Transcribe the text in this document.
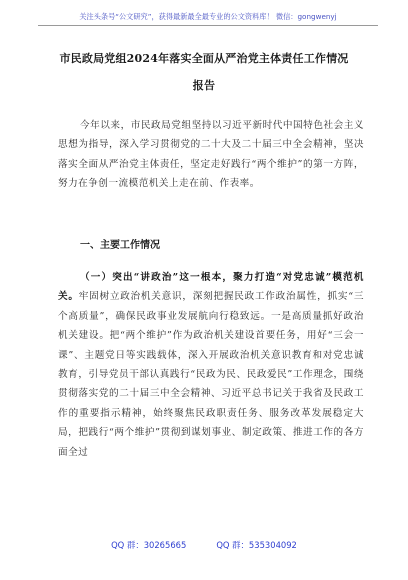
关注头条号“公文研究”，获得最新最全最专业的公文资料库！ 微信：gongwenyj
市民政局党组2024年落实全面从严治党主体责任工作情况
报告
今年以来，市民政局党组坚持以习近平新时代中国特色社会主义思想为指导，深入学习贯彻党的二十大及二十届三中全会精神，坚决落实全面从严治党主体责任，坚定走好践行“两个维护”的第一方阵，努力在争创一流模范机关上走在前、作表率。
一、主要工作情况
（一）突出“讲政治”这一根本，聚力打造“对党忠诚”模范机关。牢固树立政治机关意识，深刻把握民政工作政治属性，抓实“三个高质量”，确保民政事业发展航向行稳致远。一是高质量抓好政治机关建设。把“两个维护”作为政治机关建设首要任务，用好“三会一课”、主题党日等实践载体，深入开展政治机关意识教育和对党忠诚教育，引导党员干部认真践行“民政为民、民政爱民”工作理念，围绕贯彻落实党的二十届三中全会精神、习近平总书记关于我省及民政工作的重要指示精神，始终聚焦民政职责任务、服务改革发展稳定大局，把践行“两个维护”贯彻到谋划事业、制定政策、推进工作的各方面全过
QQ 群：30265665	QQ 群：535304092
